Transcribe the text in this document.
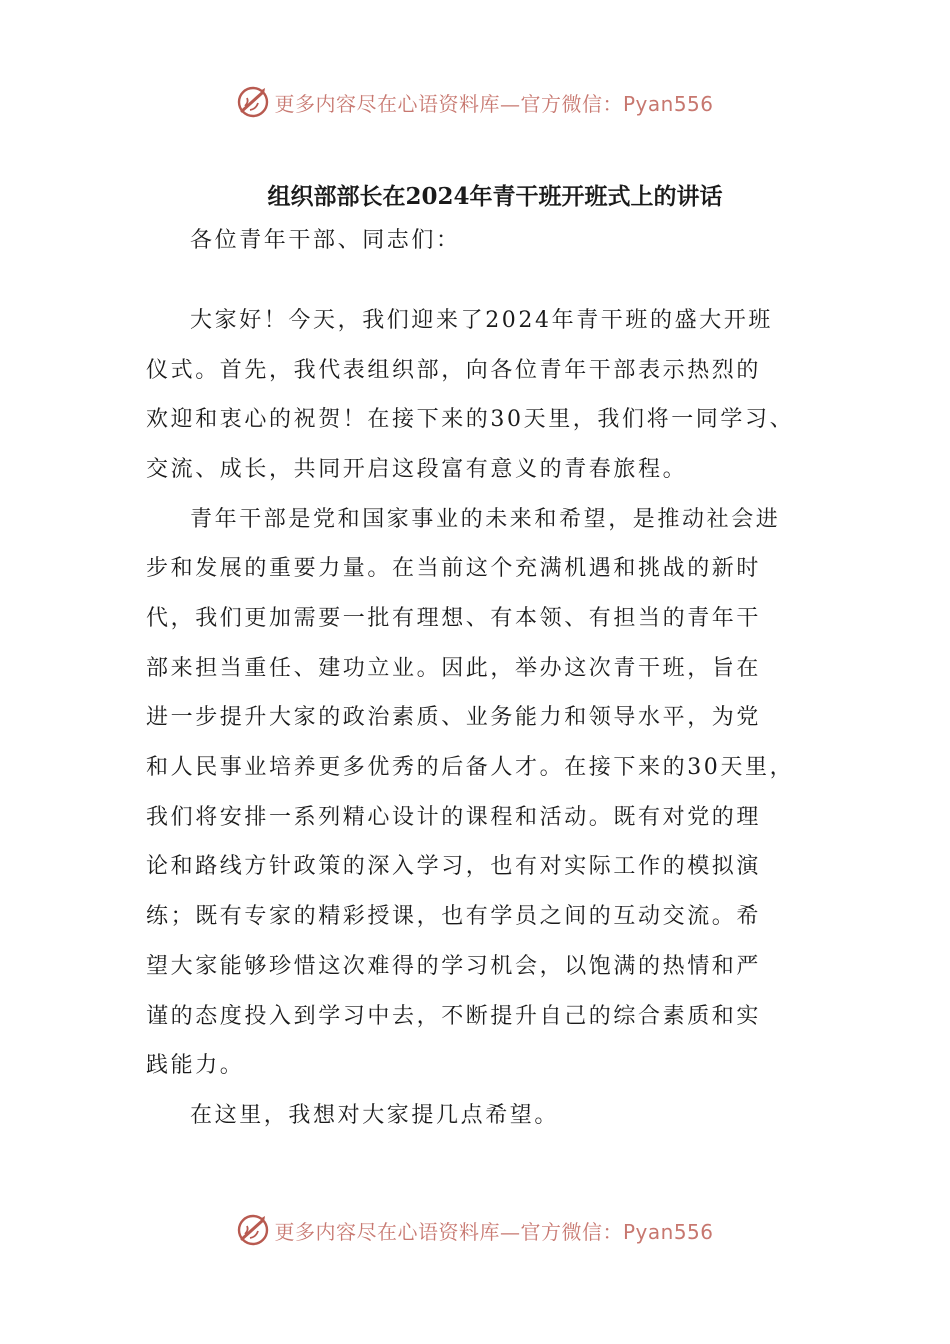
更多内容尽在心语资料库—官方微信：Pyan556
组织部部长在2024年青干班开班式上的讲话
各位青年干部、同志们：
大家好！今天，我们迎来了2024年青干班的盛大开班
仪式。首先，我代表组织部，向各位青年干部表示热烈的
欢迎和衷心的祝贺！在接下来的30天里，我们将一同学习、
交流、成长，共同开启这段富有意义的青春旅程。
青年干部是党和国家事业的未来和希望，是推动社会进
步和发展的重要力量。在当前这个充满机遇和挑战的新时
代，我们更加需要一批有理想、有本领、有担当的青年干
部来担当重任、建功立业。因此，举办这次青干班，旨在
进一步提升大家的政治素质、业务能力和领导水平，为党
和人民事业培养更多优秀的后备人才。在接下来的30天里，
我们将安排一系列精心设计的课程和活动。既有对党的理
论和路线方针政策的深入学习，也有对实际工作的模拟演
练；既有专家的精彩授课，也有学员之间的互动交流。希
望大家能够珍惜这次难得的学习机会，以饱满的热情和严
谨的态度投入到学习中去，不断提升自己的综合素质和实
践能力。
在这里，我想对大家提几点希望。
更多内容尽在心语资料库—官方微信：Pyan556
